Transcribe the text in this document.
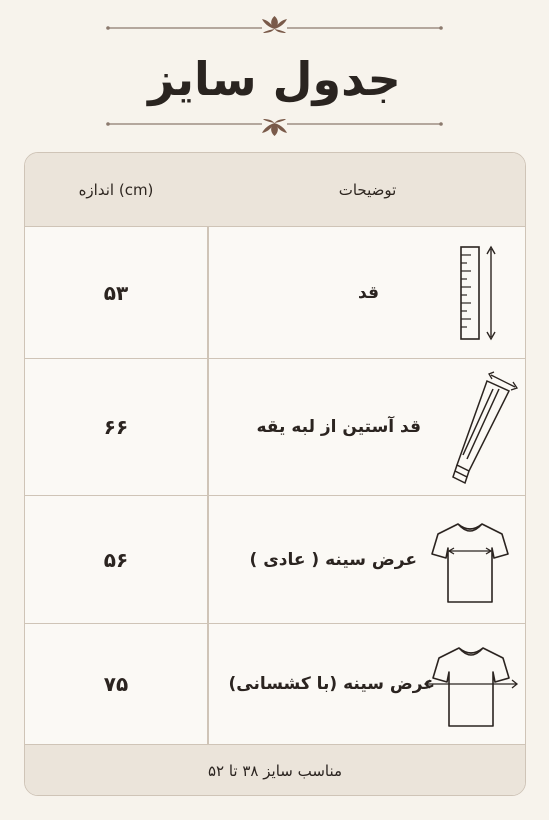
جدول سایز
اندازه (cm)	توضیحات
۵۳	قد
۶۶	قد آستین از لبه یقه
۵۶	عرض سینه ( عادی )
۷۵	عرض سینه (با کشسانی)
مناسب سایز ۳۸ تا ۵۲
